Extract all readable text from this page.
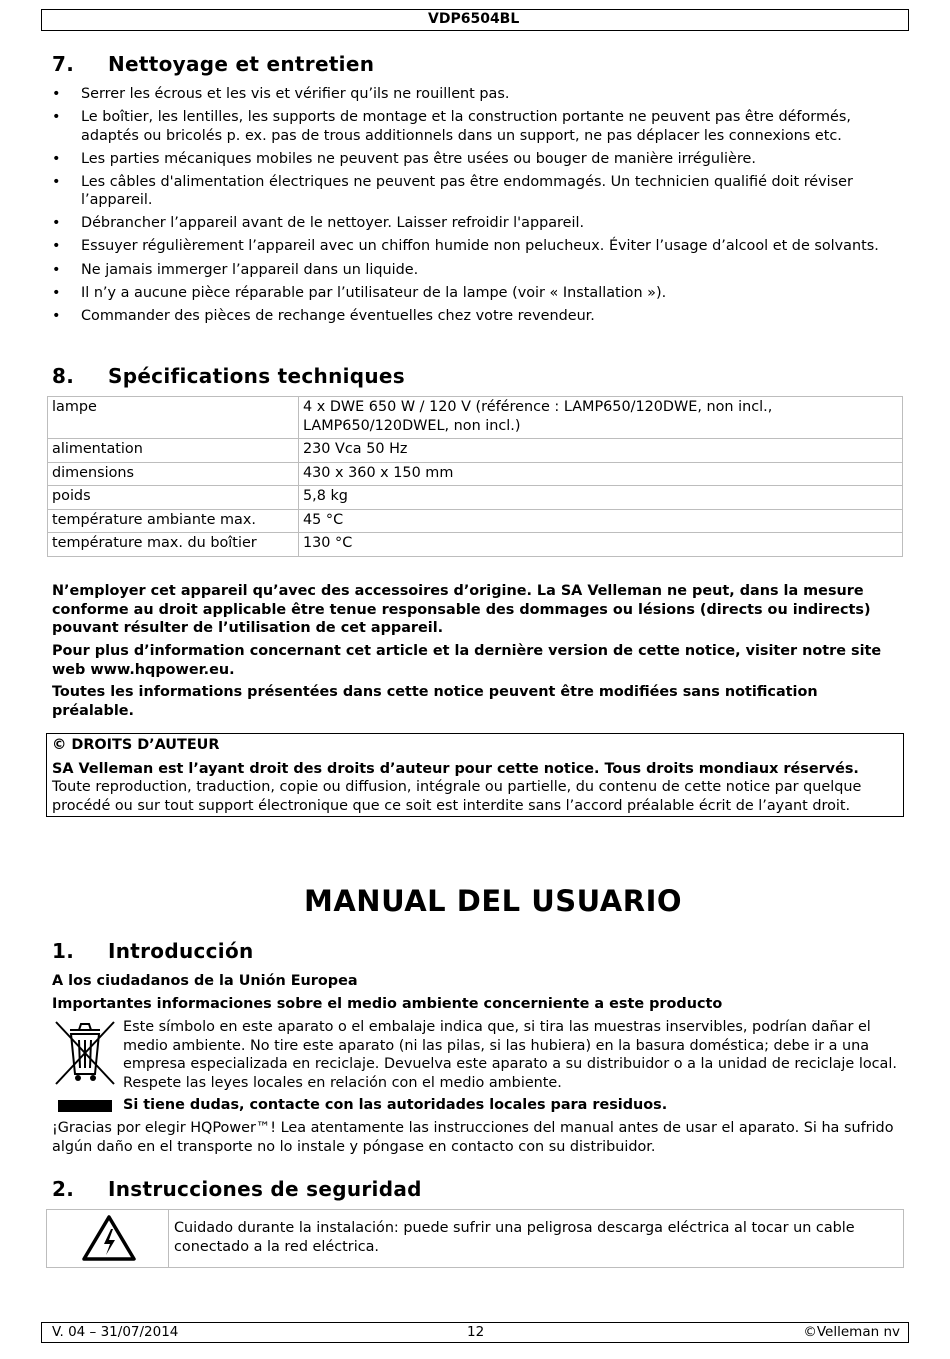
VDP6504BL
7. Nettoyage et entretien
• Serrer les écrous et les vis et vérifier qu’ils ne rouillent pas.
• Le boîtier, les lentilles, les supports de montage et la construction portante ne peuvent pas être déformés, adaptés ou bricolés p. ex. pas de trous additionnels dans un support, ne pas déplacer les connexions etc.
• Les parties mécaniques mobiles ne peuvent pas être usées ou bouger de manière irrégulière.
• Les câbles d'alimentation électriques ne peuvent pas être endommagés. Un technicien qualifié doit réviser l’appareil.
• Débrancher l’appareil avant de le nettoyer. Laisser refroidir l'appareil.
• Essuyer régulièrement l’appareil avec un chiffon humide non pelucheux. Éviter l’usage d’alcool et de solvants.
• Ne jamais immerger l’appareil dans un liquide.
• Il n’y a aucune pièce réparable par l’utilisateur de la lampe (voir « Installation »).
• Commander des pièces de rechange éventuelles chez votre revendeur.
8. Spécifications techniques
lampe	4 x DWE 650 W / 120 V (référence : LAMP650/120DWE, non incl., LAMP650/120DWEL, non incl.)
alimentation	230 Vca 50 Hz
dimensions	430 x 360 x 150 mm
poids	5,8 kg
température ambiante max.	45 °C
température max. du boîtier	130 °C

N’employer cet appareil qu’avec des accessoires d’origine. La SA Velleman ne peut, dans la mesure conforme au droit applicable être tenue responsable des dommages ou lésions (directs ou indirects) pouvant résulter de l’utilisation de cet appareil.

Pour plus d’information concernant cet article et la dernière version de cette notice, visiter notre site web www.hqpower.eu.

Toutes les informations présentées dans cette notice peuvent être modifiées sans notification préalable.

© DROITS D’AUTEUR

SA Velleman est l’ayant droit des droits d’auteur pour cette notice. Tous droits mondiaux réservés.

Toute reproduction, traduction, copie ou diffusion, intégrale ou partielle, du contenu de cette notice par quelque procédé ou sur tout support électronique que ce soit est interdite sans l’accord préalable écrit de l’ayant droit.

MANUAL DEL USUARIO
1. Introducción

A los ciudadanos de la Unión Europea

Importantes informaciones sobre el medio ambiente concerniente a este producto

Este símbolo en este aparato o el embalaje indica que, si tira las muestras inservibles, podrían dañar el medio ambiente. No tire este aparato (ni las pilas, si las hubiera) en la basura doméstica; debe ir a una empresa especializada en reciclaje. Devuelva este aparato a su distribuidor o a la unidad de reciclaje local. Respete las leyes locales en relación con el medio ambiente.

Si tiene dudas, contacte con las autoridades locales para residuos.

¡Gracias por elegir HQPower™! Lea atentamente las instrucciones del manual antes de usar el aparato. Si ha sufrido algún daño en el transporte no lo instale y póngase en contacto con su distribuidor.

2. Instrucciones de seguridad

Cuidado durante la instalación: puede sufrir una peligrosa descarga eléctrica al tocar un cable conectado a la red eléctrica.

V. 04 – 31/07/2014	12	©Velleman nv
